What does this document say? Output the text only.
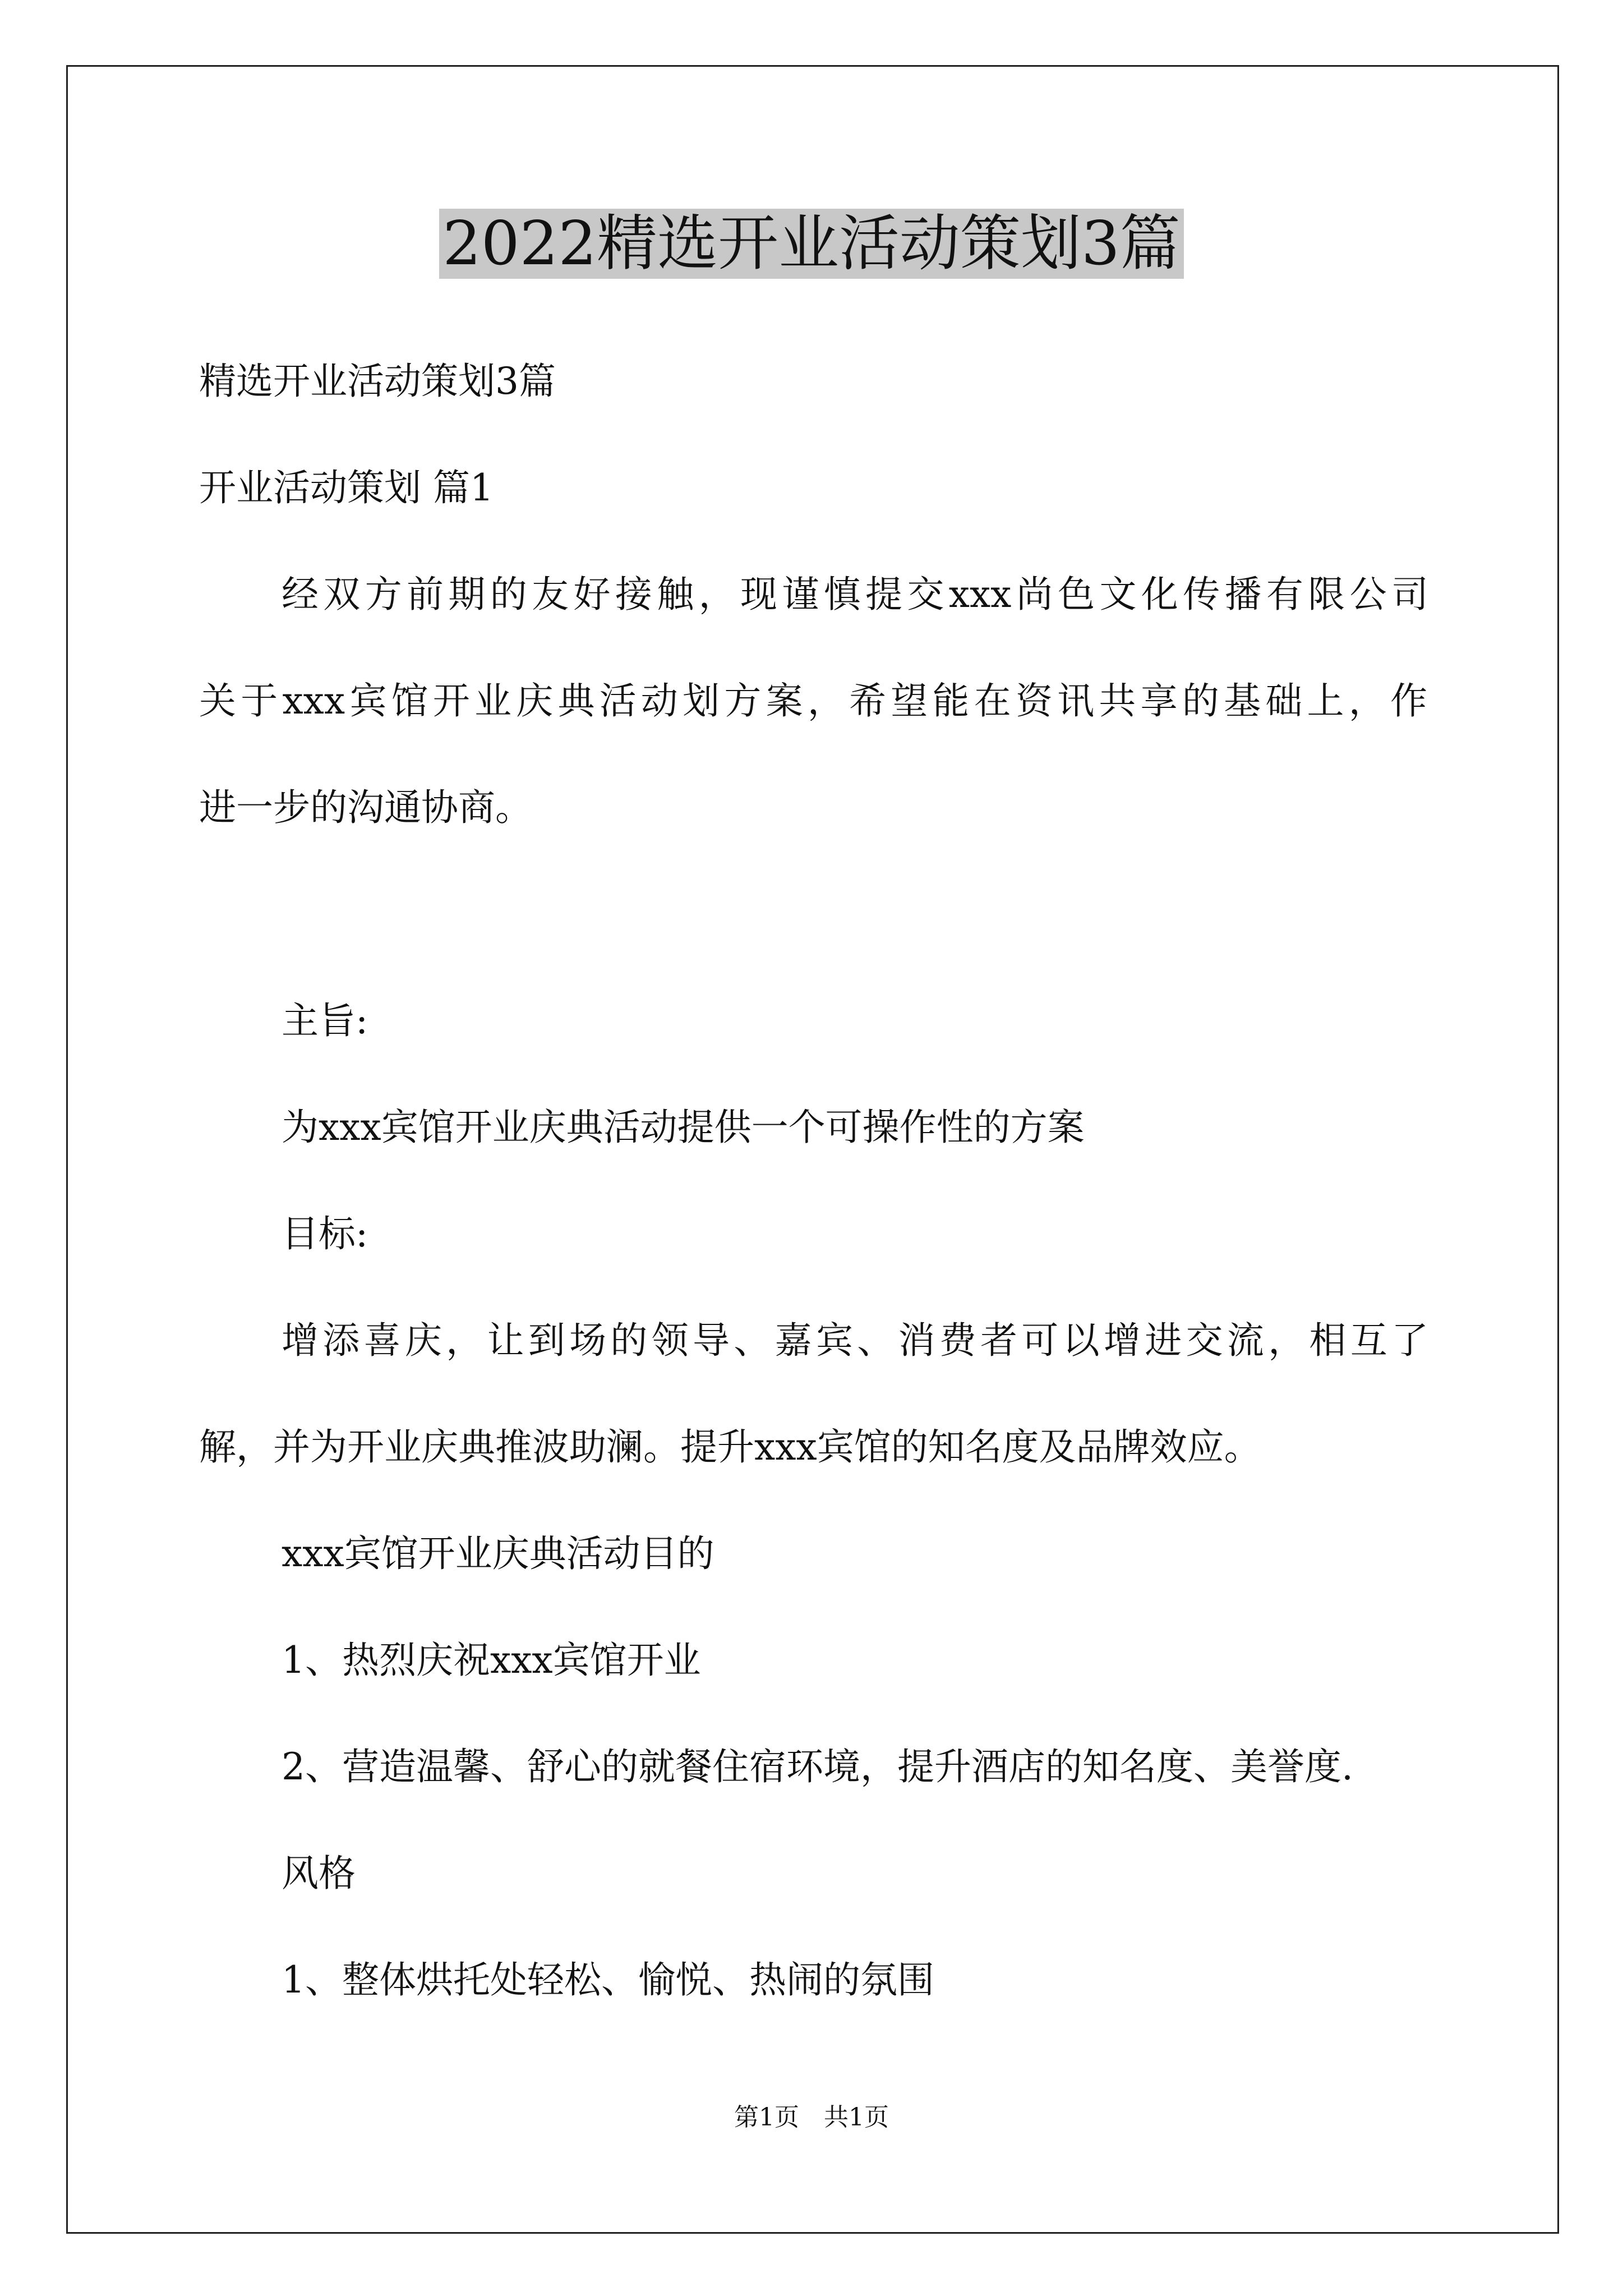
2022精选开业活动策划3篇
精选开业活动策划3篇
开业活动策划 篇1
经双方前期的友好接触，现谨慎提交xxx尚色文化传播有限公司
关于xxx宾馆开业庆典活动划方案，希望能在资讯共享的基础上，作
进一步的沟通协商。
主旨:
为xxx宾馆开业庆典活动提供一个可操作性的方案
目标:
增添喜庆，让到场的领导、嘉宾、消费者可以增进交流，相互了
解，并为开业庆典推波助澜。提升xxx宾馆的知名度及品牌效应。
xxx宾馆开业庆典活动目的
1、热烈庆祝xxx宾馆开业
2、营造温馨、舒心的就餐住宿环境，提升酒店的知名度、美誉度.
风格
1、整体烘托处轻松、愉悦、热闹的氛围
第1页　共1页
